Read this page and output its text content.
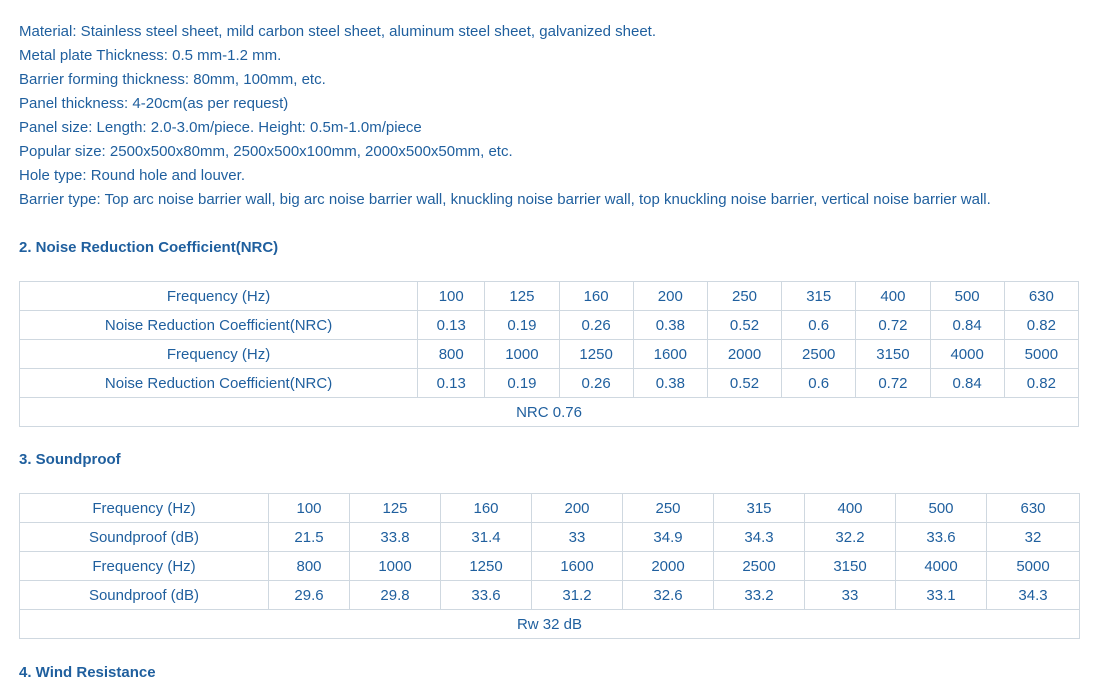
Material: Stainless steel sheet, mild carbon steel sheet, aluminum steel sheet, galvanized sheet.
Metal plate Thickness: 0.5 mm-1.2 mm.
Barrier forming thickness: 80mm, 100mm, etc.
Panel thickness: 4-20cm(as per request)
Panel size: Length: 2.0-3.0m/piece. Height: 0.5m-1.0m/piece
Popular size: 2500x500x80mm, 2500x500x100mm, 2000x500x50mm, etc.
Hole type: Round hole and louver.
Barrier type: Top arc noise barrier wall, big arc noise barrier wall, knuckling noise barrier wall, top knuckling noise barrier, vertical noise barrier wall.
2. Noise Reduction Coefficient(NRC)
Frequency (Hz)	100	125	160	200	250	315	400	500	630
Noise Reduction Coefficient(NRC)	0.13	0.19	0.26	0.38	0.52	0.6	0.72	0.84	0.82
Frequency (Hz)	800	1000	1250	1600	2000	2500	3150	4000	5000
Noise Reduction Coefficient(NRC)	0.13	0.19	0.26	0.38	0.52	0.6	0.72	0.84	0.82
NRC 0.76									
3. Soundproof
Frequency (Hz)	100	125	160	200	250	315	400	500	630
Soundproof (dB)	21.5	33.8	31.4	33	34.9	34.3	32.2	33.6	32
Frequency (Hz)	800	1000	1250	1600	2000	2500	3150	4000	5000
Soundproof (dB)	29.6	29.8	33.6	31.2	32.6	33.2	33	33.1	34.3
Rw 32 dB									
4. Wind Resistance
